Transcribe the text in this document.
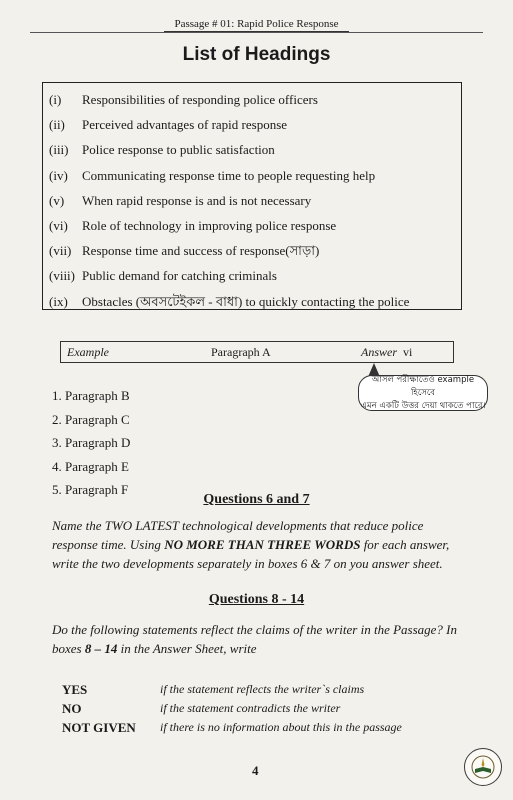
Passage # 01: Rapid Police Response
List of Headings
(i)	Responsibilities of responding police officers
(ii)	Perceived advantages of rapid response
(iii)	Police response to public satisfaction
(iv)	Communicating response time to people requesting help
(v)	When rapid response is and is not necessary
(vi)	Role of technology in improving police response
(vii) Response time and success of response(সাড়া)
(viii) Public demand for catching criminals
(ix)	Obstacles (অবসটেইকল - বাধা) to quickly contacting the police
Example	Paragraph A	Answer vi
আসল পরীক্ষাতেও example হিসেবে
এমন একটি উত্তর দেয়া থাকতে পারে।
1. Paragraph B
2. Paragraph C
3. Paragraph D
4. Paragraph E
5. Paragraph F
Questions 6 and 7
Name the TWO LATEST technological developments that reduce police response time. Using NO MORE THAN THREE WORDS for each answer, write the two developments separately in boxes 6 & 7 on you answer sheet.
Questions 8 - 14
Do the following statements reflect the claims of the writer in the Passage? In boxes 8 – 14 in the Answer Sheet, write
YES	if the statement reflects the writer`s claims
NO	if the statement contradicts the writer
NOT GIVEN	if there is no information about this in the passage
4
